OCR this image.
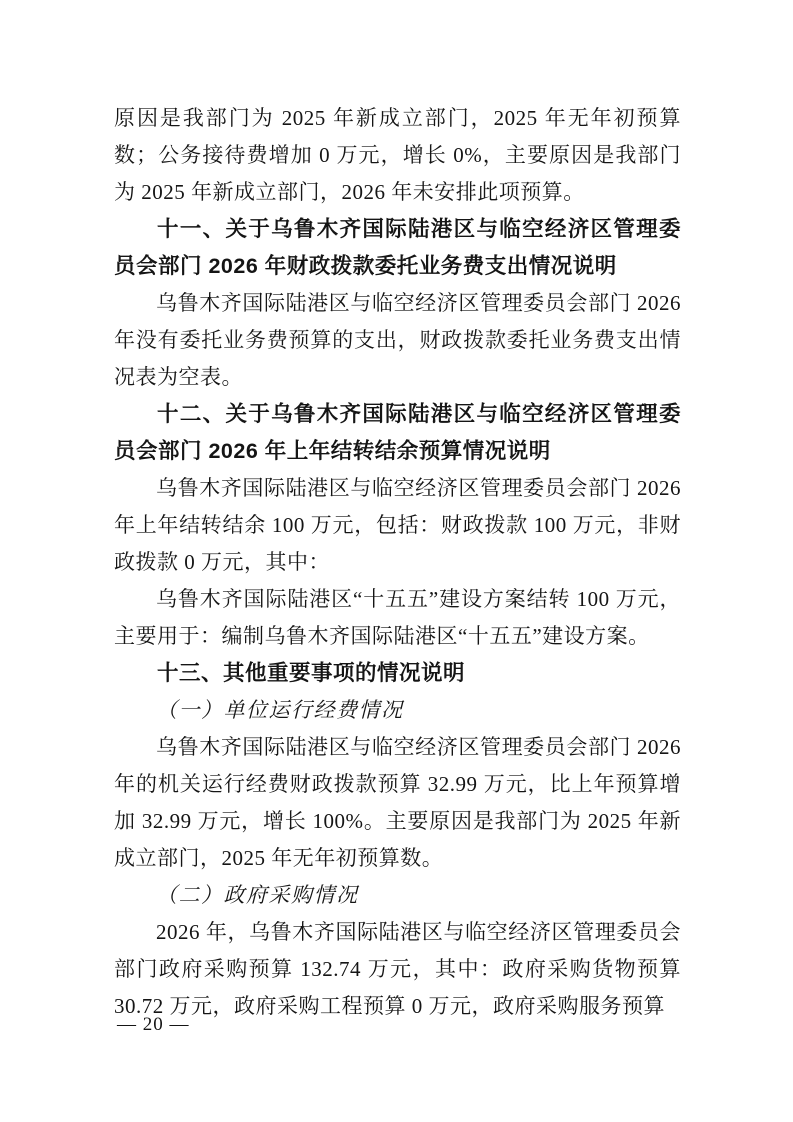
原因是我部门为 2025 年新成立部门，2025 年无年初预算数；公务接待费增加 0 万元，增长 0%，主要原因是我部门为 2025 年新成立部门，2026 年未安排此项预算。

十一、关于乌鲁木齐国际陆港区与临空经济区管理委员会部门 2026 年财政拨款委托业务费支出情况说明

乌鲁木齐国际陆港区与临空经济区管理委员会部门 2026 年没有委托业务费预算的支出，财政拨款委托业务费支出情况表为空表。

十二、关于乌鲁木齐国际陆港区与临空经济区管理委员会部门 2026 年上年结转结余预算情况说明

乌鲁木齐国际陆港区与临空经济区管理委员会部门 2026 年上年结转结余 100 万元，包括：财政拨款 100 万元，非财政拨款 0 万元，其中：

乌鲁木齐国际陆港区“十五五”建设方案结转 100 万元，主要用于：编制乌鲁木齐国际陆港区“十五五”建设方案。

十三、其他重要事项的情况说明

（一）单位运行经费情况

乌鲁木齐国际陆港区与临空经济区管理委员会部门 2026 年的机关运行经费财政拨款预算 32.99 万元，比上年预算增加 32.99 万元，增长 100%。主要原因是我部门为 2025 年新成立部门，2025 年无年初预算数。

（二）政府采购情况

2026 年，乌鲁木齐国际陆港区与临空经济区管理委员会部门政府采购预算 132.74 万元，其中：政府采购货物预算 30.72 万元，政府采购工程预算 0 万元，政府采购服务预算

— 20 —
